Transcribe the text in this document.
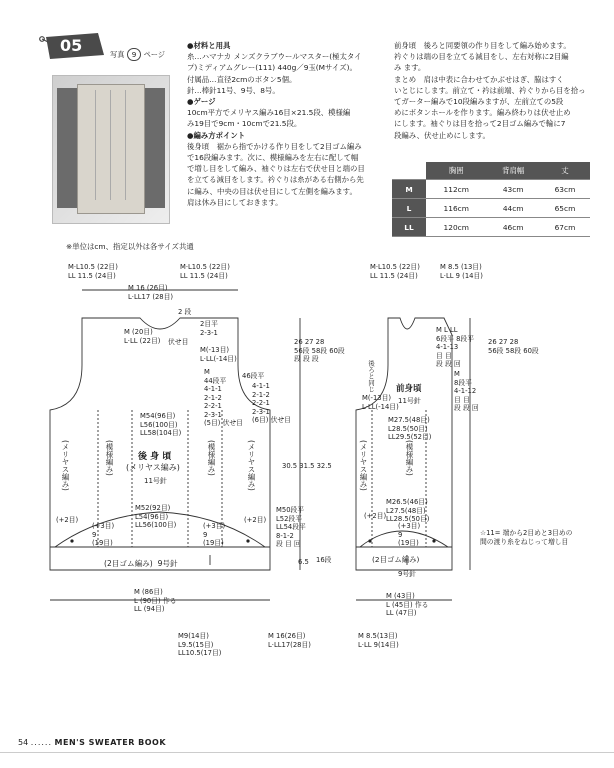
05	写真 9 ページ
●材料と用具
糸…ハマナカ メンズクラブウールマスター(極太タイ
プ)ミディアムグレー(111) 440g／9玉(Mサイズ)。
付属品…直径2cmのボタン5個。
針…棒針11号、9号、8号。
●ゲージ
10cm平方でメリヤス編み16目×21.5段、模様編
み19目で9cm・10cmで21.5段。
●編み方ポイント
後身頃　裾から指でかける作り目をして2目ゴム編み
で16段編みます。次に、模様編みを左右に配して幅
で増し目をして編み、袖ぐりは左右で伏せ目と端の目
を立てる減目をします。衿ぐりは糸がある右側から先
に編み、中央の目は伏せ目にして左側を編みます。
肩は休み目にしておきます。
前身頃　後ろと同要領の作り目をして編み始めます。
衿ぐりは端の目を立てる減目をし、左右対称に2目編
み ます。
まとめ　肩は中表に合わせてかぶせはぎ、脇はすく
いとじにします。前立て・衿は前端、衿ぐりから目を拾っ
てガーター編みで10段編みますが、左前立ての5段
めにボタンホールを作ります。編み終わりは伏せ止め
にします。袖ぐりは目を拾って2目ゴム編みで輪に7
段編み、伏せ止めにします。
	胸囲	背肩幅	丈
M	112cm	43cm	63cm
L	116cm	44cm	65cm
LL	120cm	46cm	67cm
※単位はcm、指定以外は各サイズ共通
M·L10.5 (22目)
LL 11.5 (24目)
M·L10.5 (22目)
LL 11.5 (24目)
M 16 (26目)
L·LL17 (28目)
2 段
2目平
2-3-1
M (20目)
L·LL (22目) 伏せ目
M(-13目)
L·LL(-14目)
46段平
M
44段平
4-1-1
2-1-2
2-2-1
2-3-1
(5目) 伏せ目
4-1-1
2-1-2
2-2-1
2-3-1
(6目) 伏せ目
M54(96目)
L56(100目)
LL58(104目)
後 身 頃
(メリヤス編み)
11号針
(メリヤス編み)	(模様編み)	(模様編み)	(メリヤス編み)
M52(92目)
L54(96目)
LL56(100目)
(+3目)
9
(19目)
(+3目)
9
(19目)
(+2目)	(+2目)
(2目ゴム編み) 9号針
M (86目)
L (90目) 作る
LL (94目)
30.5 31.5 32.5
M50段平
L52段平
LL54段平
8-1-2
段 目 回
6.5 16段
26 27 28
56段 58段 60段
段 段 段
M9(14目)
L9.5(15目)
LL10.5(17目)
M 16(26目)
L·LL17(28目)
M·L10.5 (22目)
LL 11.5 (24目)
M 8.5 (13目)
L·LL 9 (14目)
M L LL
6段平 8段平
4-1-13
目 目
段 段 回
M
8段平
4-1-12
目 目
段 段 回
後ろと同じ
M(-13目)
L·LL(-14目)
前身頃
11号針
M27.5(48目)
L28.5(50目)
LL29.5(52目)
(メリヤス編み)	(模様編み)
M26.5(46目)
L27.5(48目)
LL28.5(50目)
(+2目)
(+3目)
9
(19目)
(2目ゴム編み)
9号針
M (43目)
L (45目) 作る
LL (47目)
26 27 28
56段 58段 60段
☆11= 端から2目めと3目めの
間の渡り糸をねじって増し目
M 8.5(13目)
L·LL 9(14目)
54 ...... MEN'S SWEATER BOOK
